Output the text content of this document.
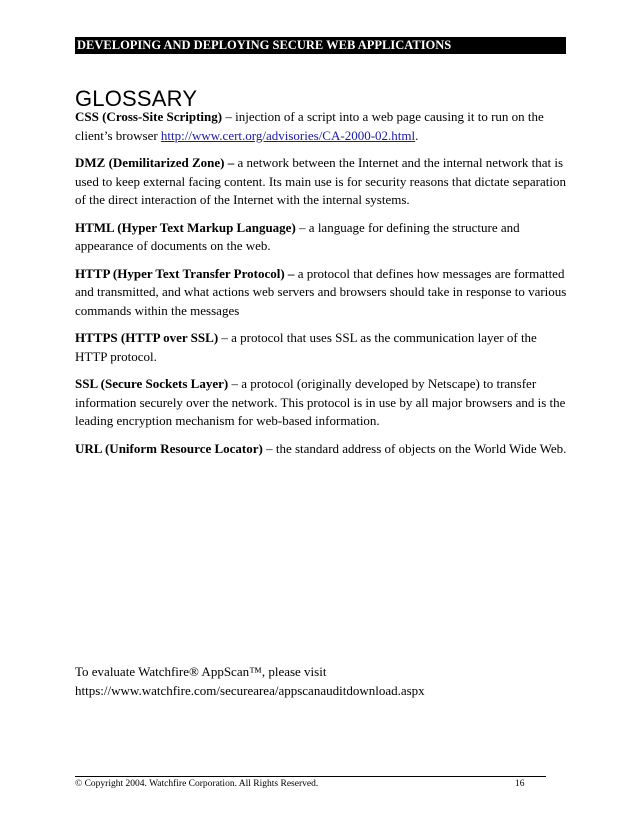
DEVELOPING AND DEPLOYING SECURE WEB APPLICATIONS
GLOSSARY
CSS (Cross-Site Scripting) – injection of a script into a web page causing it to run on the client’s browser http://www.cert.org/advisories/CA-2000-02.html.
DMZ (Demilitarized Zone) – a network between the Internet and the internal network that is used to keep external facing content. Its main use is for security reasons that dictate separation of the direct interaction of the Internet with the internal systems.
HTML (Hyper Text Markup Language) – a language for defining the structure and appearance of documents on the web.
HTTP (Hyper Text Transfer Protocol) – a protocol that defines how messages are formatted and transmitted, and what actions web servers and browsers should take in response to various commands within the messages
HTTPS (HTTP over SSL) – a protocol that uses SSL as the communication layer of the HTTP protocol.
SSL (Secure Sockets Layer) – a protocol (originally developed by Netscape) to transfer information securely over the network. This protocol is in use by all major browsers and is the leading encryption mechanism for web-based information.
URL (Uniform Resource Locator) – the standard address of objects on the World Wide Web.
To evaluate Watchfire® AppScan™, please visit
https://www.watchfire.com/securearea/appscanauditdownload.aspx
© Copyright 2004. Watchfire Corporation. All Rights Reserved.	16
